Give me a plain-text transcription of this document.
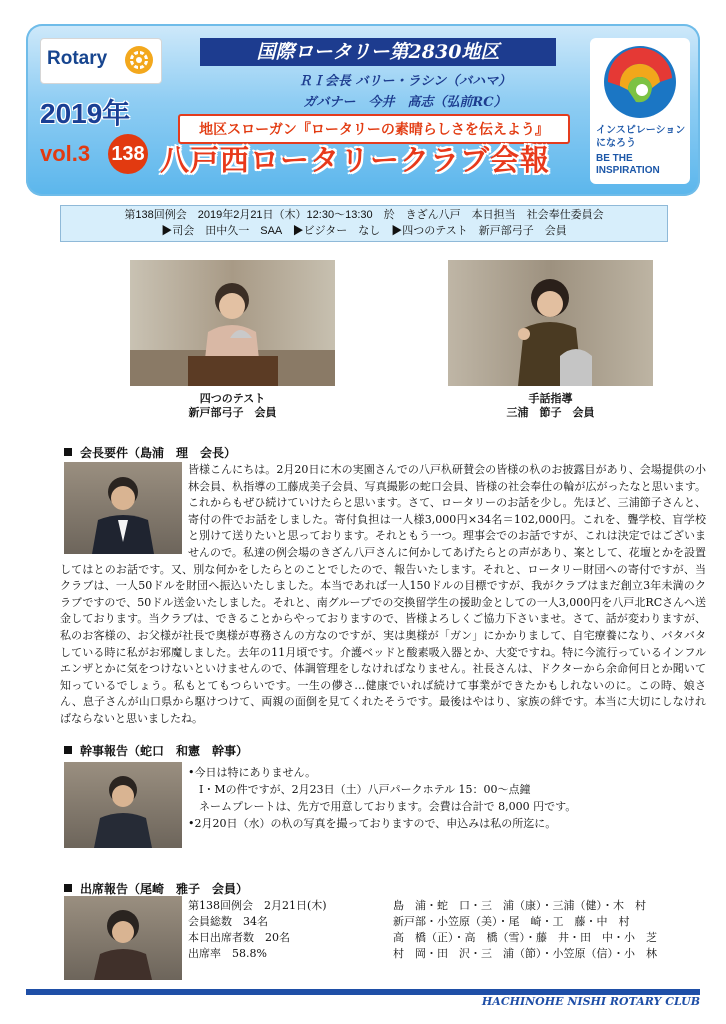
Rotary	国際ロータリー第2830地区
ＲＩ会長 バリー・ラシン（バハマ）
ガバナー　今井　高志（弘前RC）
2019年	地区スローガン『ロータリーの素晴らしさを伝えよう』
vol.3 138 八戸西ロータリークラブ会報
インスピレーションになろう
BE THE INSPIRATION
第138回例会　2019年2月21日（木）12:30～13:30　於　きざん八戸　本日担当　社会奉仕委員会
▶司会　田中久一　SAA　▶ビジター　なし　▶四つのテスト　新戸部弓子　会員
四つのテスト
新戸部弓子　会員
手話指導
三浦　節子　会員
会長要件（島浦　理　会長）
皆様こんにちは。2月20日に木の実園さんでの八戸杁研賛会の皆様の杁のお披露目があり、会場提供の小林会員、杁指導の工藤成美子会員、写真撮影の蛇口会員、皆様の社会奉仕の輪が広がったなと思います。これからもぜひ続けていけたらと思います。さて、ロータリーのお話を少し。先ほど、三浦節子さんと、寄付の件でお話をしました。寄付負担は一人様3,000円×34名＝102,000円。これを、聾学校、盲学校と別けて送りたいと思っております。それともう一つ。理事会でのお話ですが、これは決定ではございませんので。私達の例会場のきざん八戸さんに何かしてあげたらとの声があり、案として、花壇とかを設置してはとのお話です。又、別な何かをしたらとのことでしたので、報告いたします。それと、ロータリー財団への寄付ですが、当クラブは、一人50ドルを財団へ振込いたしました。本当であれば一人150ドルの目標ですが、我がクラブはまだ創立3年未満のクラブですので、50ドル送金いたしました。それと、南グループでの交換留学生の援助金としての一人3,000円を八戸北RCさんへ送金しております。当クラブは、できることからやっておりますので、皆様よろしくご協力下さいませ。さて、話が変わりますが、私のお客様の、お父様が社長で奥様が専務さんの方なのですが、実は奥様が「ガン」にかかりまして、自宅療養になり、バタバタしている時に私がお邪魔しました。去年の11月頃です。介護ベッドと酸素吸入器とか、大変ですね。特に今流行っているインフルエンザとかに気をつけないといけませんので、体調管理をしなければなりません。社長さんは、ドクターから余命何日とか聞いて知っているでしょう。私もとてもつらいです。一生の儚さ…健康でいれば続けて事業ができたかもしれないのに。この時、娘さん、息子さんが山口県から駆けつけて、両親の面倒を見てくれたそうです。最後はやはり、家族の絆です。本当に大切にしなければならないと思いましたね。
幹事報告（蛇口　和憲　幹事）

•今日は特にありません。

　I・Mの件ですが、2月23日（土）八戸パークホテル 15：00～点鐘

　ネームプレートは、先方で用意しております。会費は合計で 8,000 円です。

•2月20日（水）の杁の写真を撮っておりますので、申込みは私の所迄に。

出席報告（尾崎　雅子　会員）

第138回例会　2月21日(木)

会員総数　34名

本日出席者数　20名

出席率　58.8%

島　浦・蛇　口・三　浦（康）・三浦（健）・木　村

新戸部・小笠原（美）・尾　崎・工　藤・中　村

高　橋（正）・高　橋（雪）・藤　井・田　中・小　芝

村　岡・田　沢・三　浦（節）・小笠原（信）・小　林

HACHINOHE NISHI ROTARY CLUB
